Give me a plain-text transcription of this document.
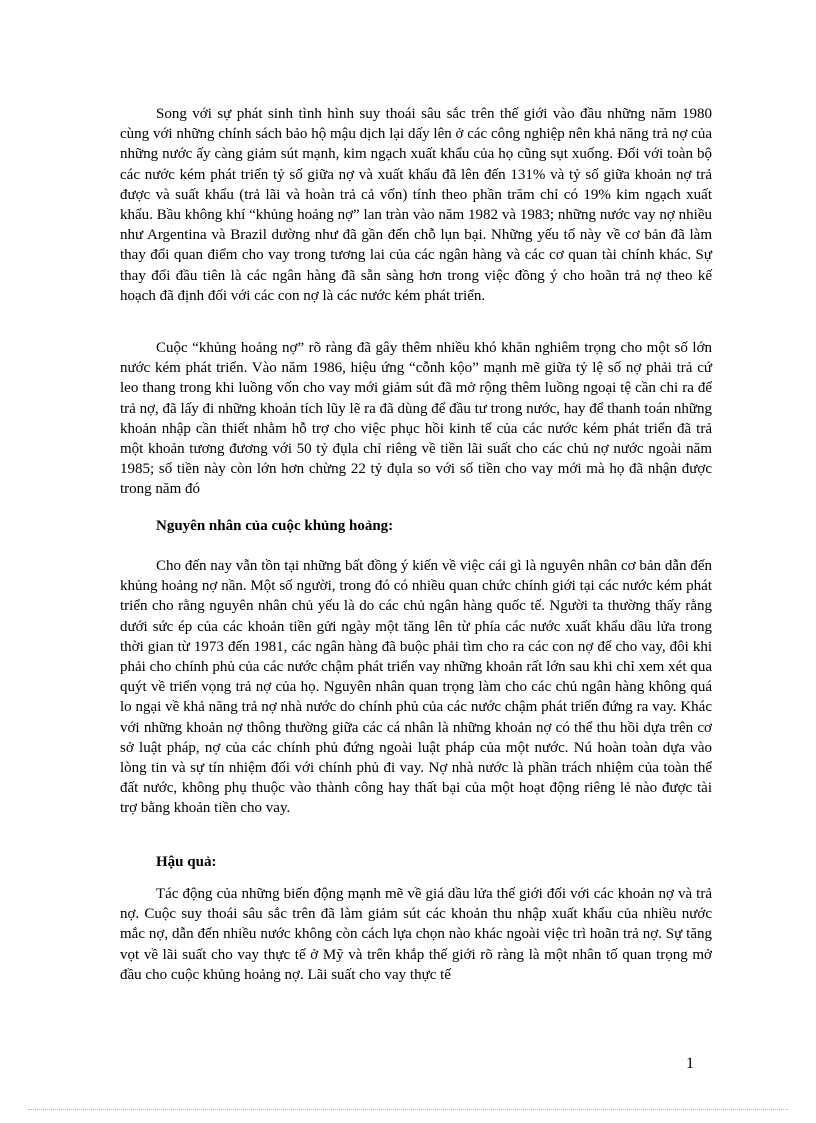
Song với sự phát sinh tình hình suy thoái sâu sắc trên thế giới vào đầu những năm 1980 cùng với những chính sách bảo hộ mậu dịch lại dấy lên ở các công nghiệp nên khả năng trả nợ của những nước ấy càng giảm sút mạnh, kim ngạch xuất khẩu của họ cũng sụt xuống. Đối với toàn bộ các nước kém phát triển tỷ số giữa nợ và xuất khẩu đã lên đến 131% và tỷ số giữa khoản nợ trả được và suất khẩu (trả lãi và hoàn trả cả vốn) tính theo phần trăm chỉ có 19% kim ngạch xuất khẩu. Bầu không khí “khủng hoảng nợ” lan tràn vào năm 1982 và 1983; những nước vay nợ nhiều như Argentina và Brazil dường như đã gần đến chỗ lụn bại. Những yếu tố này về cơ bản đã làm thay đổi quan điểm cho vay trong tương lai của các ngân hàng và các cơ quan tài chính khác. Sự thay đổi đầu tiên là các ngân hàng đã sẵn sàng hơn trong việc đồng ý cho hoãn trả nợ theo kế hoạch đã định đối với các con nợ là các nước kém phát triển.

Cuộc “khủng hoảng nợ” rõ ràng đã gây thêm nhiều khó khăn nghiêm trọng cho một số lớn nước kém phát triển. Vào năm 1986, hiệu ứng “cỗnh kộo” mạnh mẽ giữa tỷ lệ số nợ phải trả cứ leo thang trong khi luồng vốn cho vay mới giảm sút đã mở rộng thêm luồng ngoại tệ cần chi ra để trả nợ, đã lấy đi những khoản tích lũy lẽ ra đã dùng để đầu tư trong nước, hay để thanh toán những khoản nhập cần thiết nhằm hỗ trợ cho việc phục hồi kinh tế của các nước kém phát triển đã trả một khoản tương đương với 50 tỷ đụla chỉ riêng về tiền lãi suất cho các chủ nợ nước ngoài năm 1985; số tiền này còn lớn hơn chừng 22 tỷ đụla so với số tiền cho vay mới mà họ đã nhận được trong năm đó

Nguyên nhân của cuộc khủng hoảng:

Cho đến nay vẫn tồn tại những bất đồng ý kiến về việc cái gì là nguyên nhân cơ bản dẫn đến khủng hoảng nợ nần. Một số người, trong đó có nhiều quan chức chính giới tại các nước kém phát triển cho rằng nguyên nhân chủ yếu là do các chủ ngân hàng quốc tế. Người ta thường thấy rằng dưới sức ép của các khoản tiền gửi ngày một tăng lên từ phía các nước xuất khẩu dầu lửa trong thời gian từ 1973 đến 1981, các ngân hàng đã buộc phải tìm cho ra các con nợ để cho vay, đôi khi phải cho chính phủ của các nước chậm phát triển vay những khoản rất lớn sau khi chỉ xem xét qua quýt về triển vọng trả nợ của họ. Nguyên nhân quan trọng làm cho các chủ ngân hàng không quá lo ngại về khả năng trả nợ nhà nước do chính phủ của các nước chậm phát triển đứng ra vay. Khác với những khoản nợ thông thường giữa các cá nhân là những khoản nợ có thể thu hồi dựa trên cơ sở luật pháp, nợ của các chính phủ đứng ngoài luật pháp của một nước. Nú hoàn toàn dựa vào lòng tin và sự tín nhiệm đối với chính phủ đi vay. Nợ nhà nước là phần trách nhiệm của toàn thể đất nước, không phụ thuộc vào thành công hay thất bại của một hoạt động riêng lẻ nào được tài trợ bằng khoản tiền cho vay.

Hậu quả:

Tác động của những biến động mạnh mẽ về giá dầu lửa thế giới đối với các khoản nợ và trả nợ. Cuộc suy thoái sâu sắc trên đã làm giảm sút các khoản thu nhập xuất khẩu của nhiều nước mắc nợ, dẫn đến nhiều nước không còn cách lựa chọn nào khác ngoài việc trì hoãn trả nợ. Sự tăng vọt về lãi suất cho vay thực tế ở Mỹ và trên khắp thế giới rõ ràng là một nhân tố quan trọng mở đầu cho cuộc khủng hoảng nợ. Lãi suất cho vay thực tế

1
